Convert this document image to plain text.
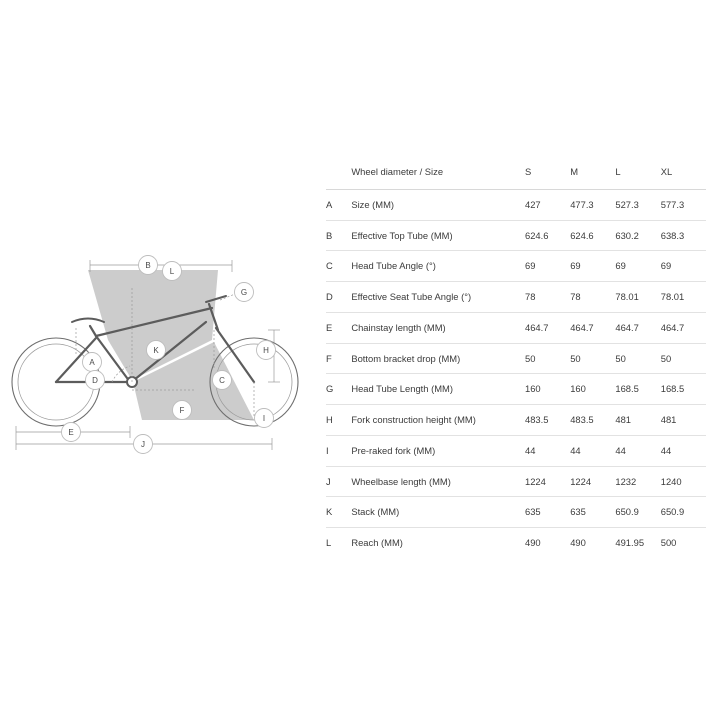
A
B
C
D
E
F
G
H
I
J
K
L
	Wheel diameter / Size	S	M	L	XL
A	Size (MM)	427	477.3	527.3	577.3
B	Effective Top Tube (MM)	624.6	624.6	630.2	638.3
C	Head Tube Angle (°)	69	69	69	69
D	Effective Seat Tube Angle (°)	78	78	78.01	78.01
E	Chainstay length (MM)	464.7	464.7	464.7	464.7
F	Bottom bracket drop (MM)	50	50	50	50
G	Head Tube Length (MM)	160	160	168.5	168.5
H	Fork construction height (MM)	483.5	483.5	481	481
I	Pre-raked fork (MM)	44	44	44	44
J	Wheelbase length (MM)	1224	1224	1232	1240
K	Stack (MM)	635	635	650.9	650.9
L	Reach (MM)	490	490	491.95	500
